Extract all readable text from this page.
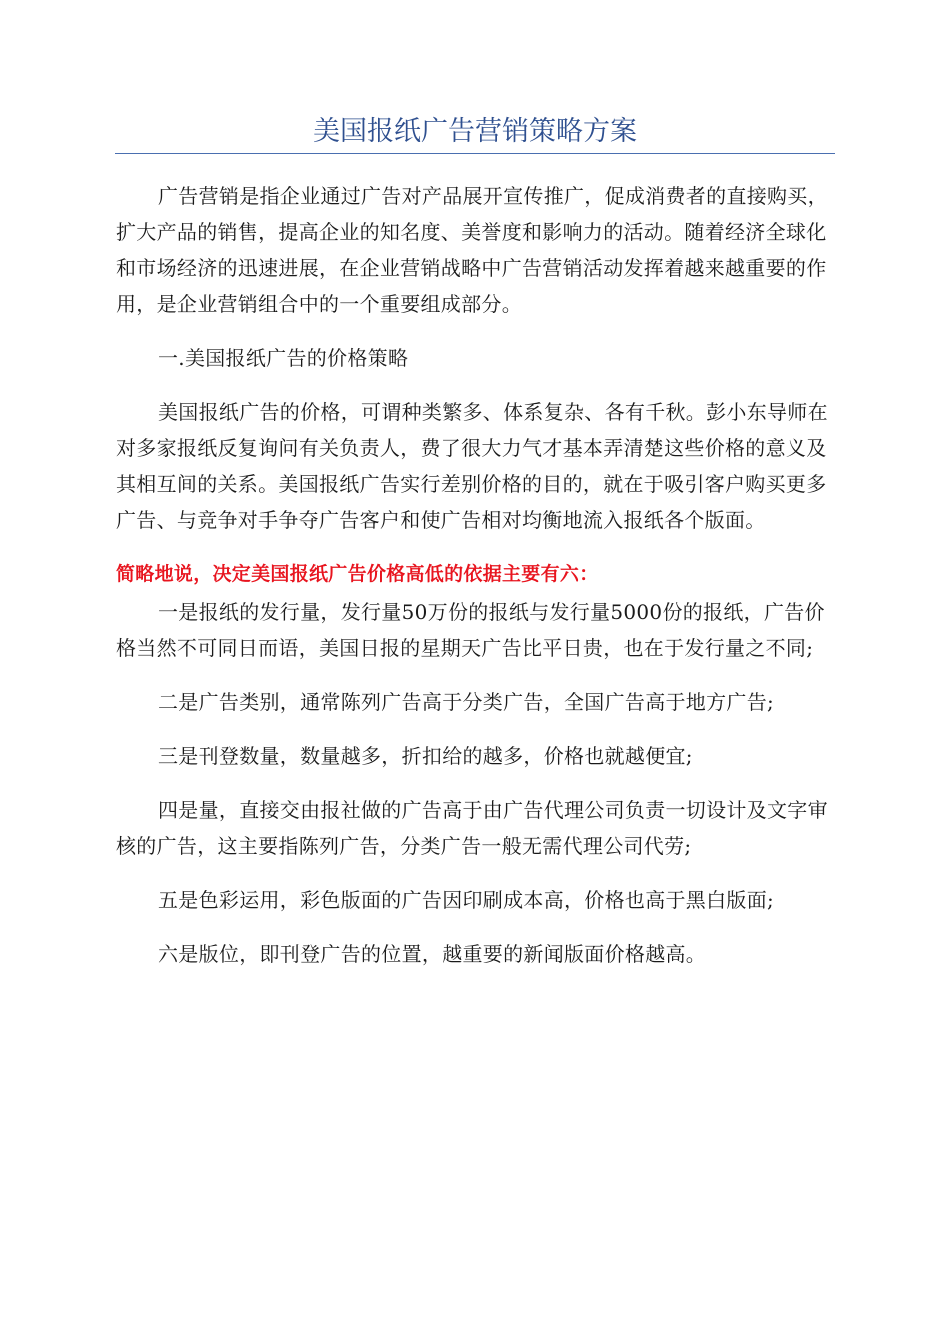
美国报纸广告营销策略方案

广告营销是指企业通过广告对产品展开宣传推广，促成消费者的直接购买，扩大产品的销售，提高企业的知名度、美誉度和影响力的活动。随着经济全球化和市场经济的迅速进展，在企业营销战略中广告营销活动发挥着越来越重要的作用，是企业营销组合中的一个重要组成部分。

一.美国报纸广告的价格策略

美国报纸广告的价格，可谓种类繁多、体系复杂、各有千秋。彭小东导师在对多家报纸反复询问有关负责人，费了很大力气才基本弄清楚这些价格的意义及其相互间的关系。美国报纸广告实行差别价格的目的，就在于吸引客户购买更多广告、与竞争对手争夺广告客户和使广告相对均衡地流入报纸各个版面。

简略地说，决定美国报纸广告价格高低的依据主要有六：

一是报纸的发行量，发行量50万份的报纸与发行量5000份的报纸，广告价格当然不可同日而语，美国日报的星期天广告比平日贵，也在于发行量之不同;

二是广告类别，通常陈列广告高于分类广告，全国广告高于地方广告;

三是刊登数量，数量越多，折扣给的越多，价格也就越便宜;

四是量，直接交由报社做的广告高于由广告代理公司负责一切设计及文字审核的广告，这主要指陈列广告，分类广告一般无需代理公司代劳;

五是色彩运用，彩色版面的广告因印刷成本高，价格也高于黑白版面;

六是版位，即刊登广告的位置，越重要的新闻版面价格越高。
